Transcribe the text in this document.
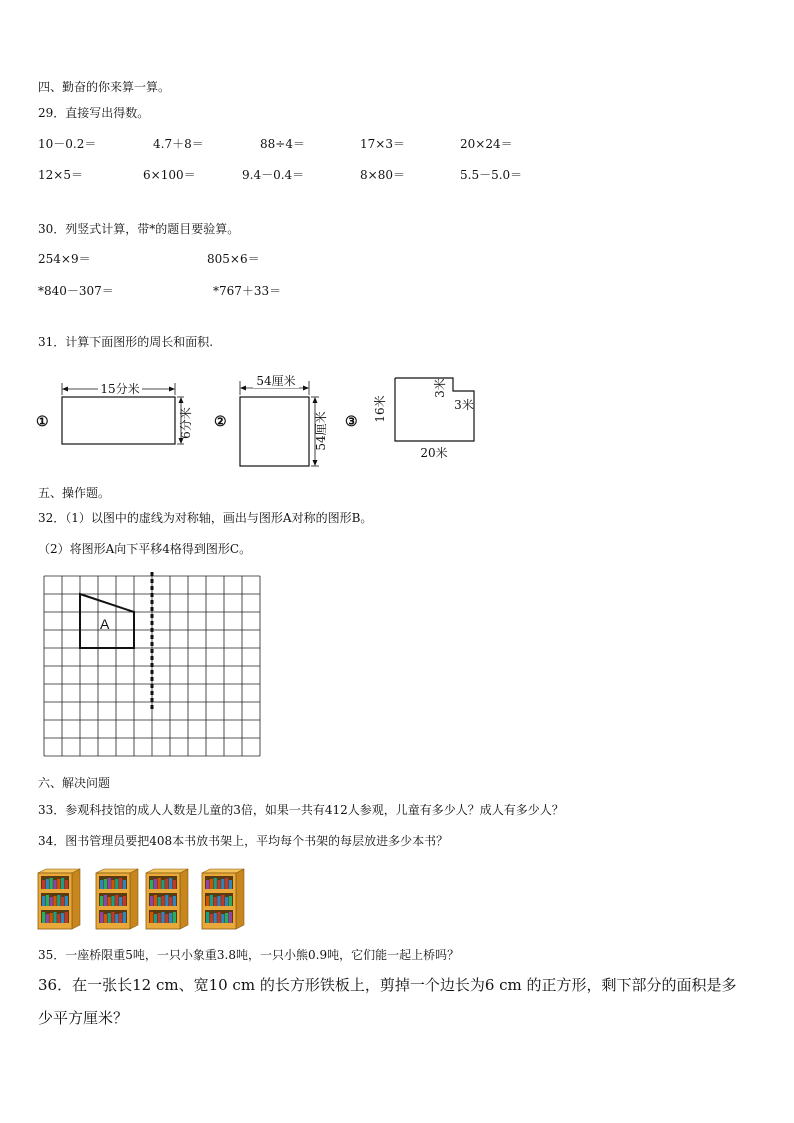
四、勤奋的你来算一算。
29．直接写出得数。
10－0.2＝	4.7＋8＝	88÷4＝	17×3＝	20×24＝
12×5＝	6×100＝	9.4－0.4＝	8×80＝	5.5－5.0＝
30．列竖式计算，带*的题目要验算。
254×9＝	805×6＝
*840－307＝	*767＋33＝
31．计算下面图形的周长和面积.
①
15分米
6分米 ②
54厘米
54厘米 ③ 16米
20米
3米
3米
五、操作题。
32．（1）以图中的虚线为对称轴，画出与图形A对称的图形B。
（2）将图形A向下平移4格得到图形C。
A
六、解决问题
33．参观科技馆的成人人数是儿童的3倍，如果一共有412人参观，儿童有多少人？成人有多少人？
34．图书管理员要把408本书放书架上，平均每个书架的每层放进多少本书？
35．一座桥限重5吨，一只小象重3.8吨，一只小熊0.9吨，它们能一起上桥吗？
36．在一张长12 cm、宽10 cm 的长方形铁板上，剪掉一个边长为6 cm 的正方形，剩下部分的面积是多
少平方厘米？
